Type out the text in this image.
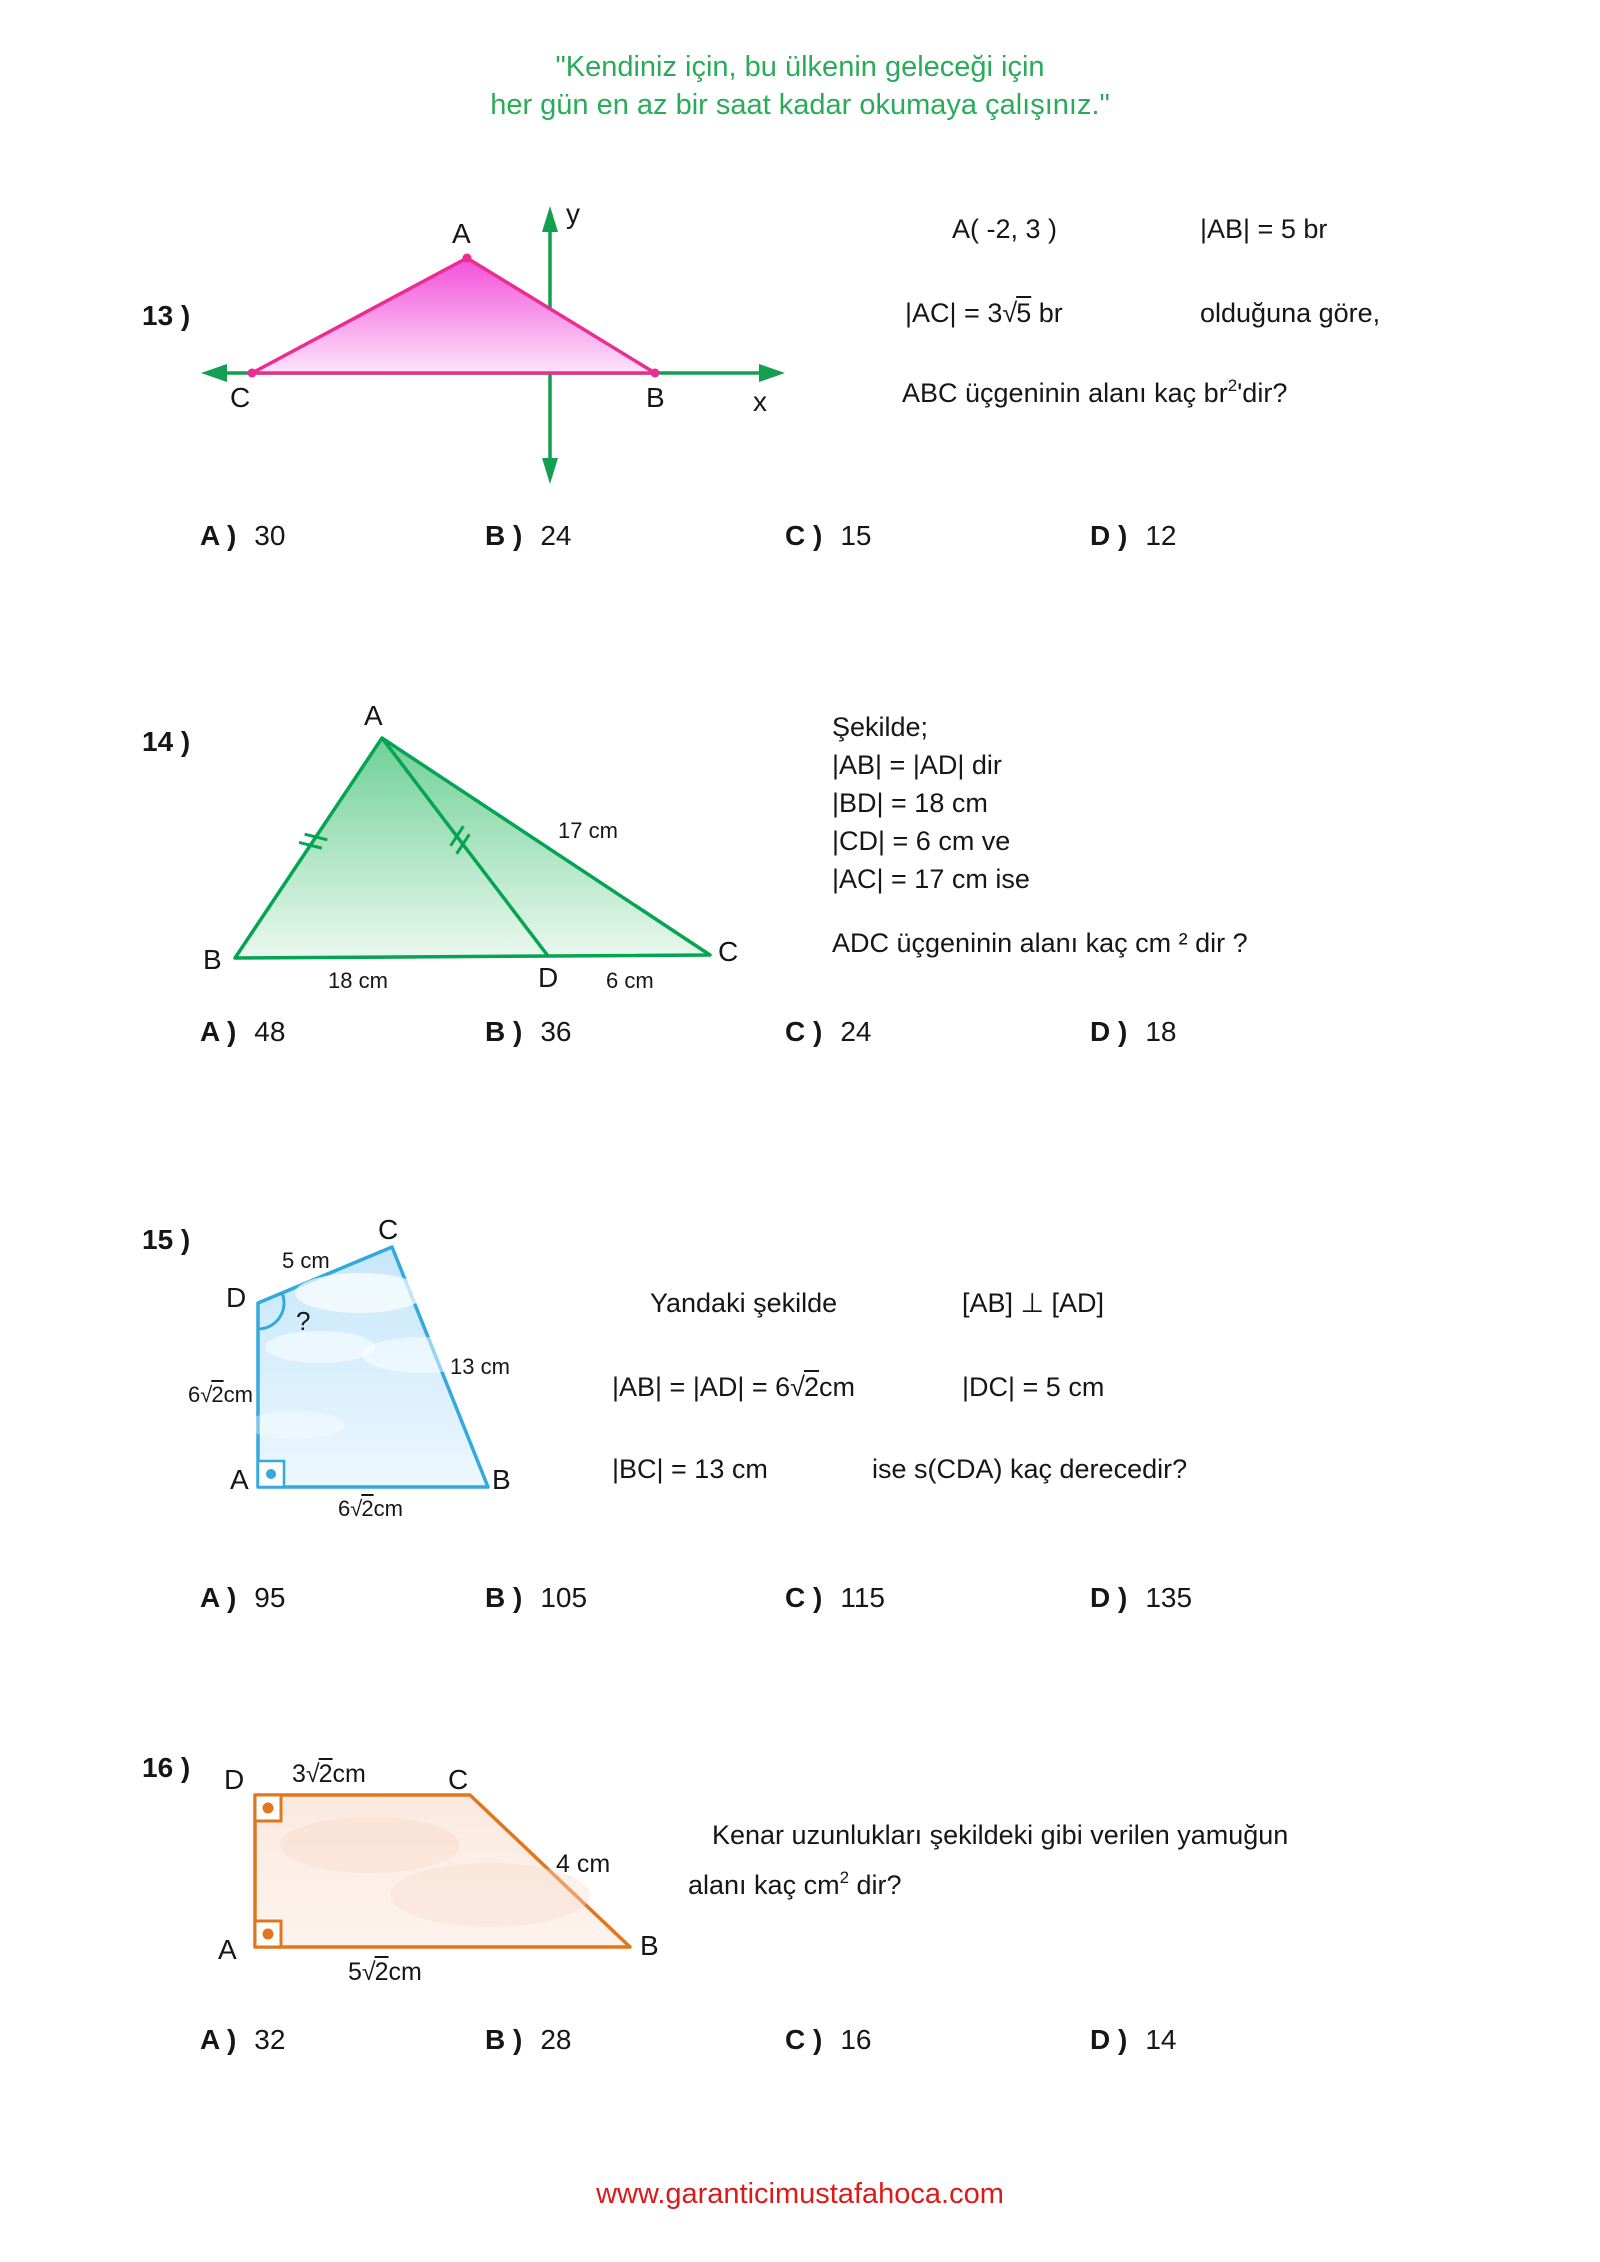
"Kendiniz için, bu ülkenin geleceği için
her gün en az bir saat kadar okumaya çalışınız."
13 )
A
C	B
y
x
A( -2, 3 )	|AB| = 5 br
|AC| = 3√5 br	olduğuna göre,
ABC üçgeninin alanı kaç $br^2'dir$?
A ) 30	B ) 24	C ) 15	D ) 12
14 )
A
B	C
D
17 cm
18 cm	6 cm
Şekilde;
|AB| = |AD| dir
|BD| = 18 cm
|CD| = 6 cm ve
|AC| = 17 cm ise
ADC üçgeninin alanı kaç cm ² dir ?
A ) 48	B ) 36	C ) 24	D ) 18
15 )	C
D
A	B
?
5 cm
13 cm
6√2cm
6√2cm
Yandaki şekilde	[AB] ⊥ [AD]
|AB| = |AD| = 6√2cm	|DC| = 5 cm
|BC| = 13 cm	ise s(CDA) kaç derecedir?
A ) 95	B ) 105	C ) 115	D ) 135
16 ) D	C
A	B
3√2cm
4 cm
5√2cm
Kenar uzunlukları şekildeki gibi verilen yamuğun
alanı kaç $cm^2$ dir?
A ) 32	B ) 28	C ) 16	D ) 14
www.garanticimustafahoca.com
